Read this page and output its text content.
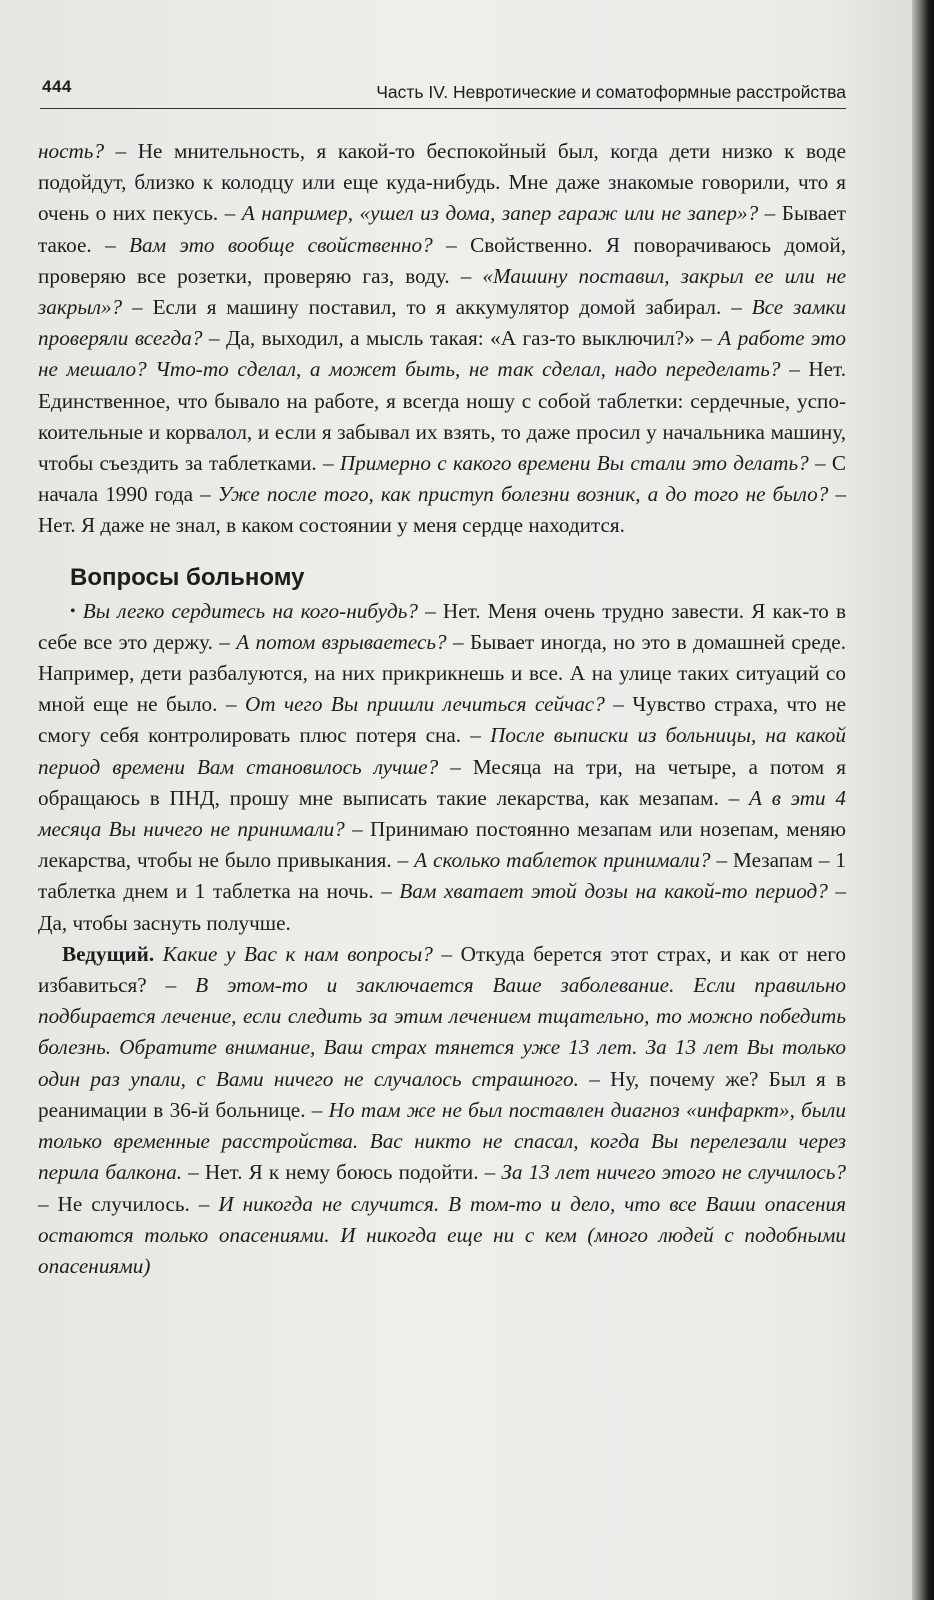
444	Часть IV. Невротические и соматоформные расстройства

ность? – Не мнительность, я какой-то беспокойный был, когда дети низко к воде подойдут, близко к колодцу или еще куда-нибудь. Мне даже знакомые говорили, что я очень о них пекусь. – А например, «ушел из дома, запер гараж или не запер»? – Бывает такое. – Вам это вообще свойственно? – Свойственно. Я поворачиваюсь домой, проверяю все розетки, проверяю газ, воду. – «Машину поставил, закрыл ее или не закрыл»? – Если я машину поставил, то я аккумулятор домой забирал. – Все замки проверяли всегда? – Да, выходил, а мысль такая: «А газ-то выключил?» – А работе это не мешало? Что-то сделал, а может быть, не так сделал, надо переделать? – Нет. Единственное, что бывало на работе, я всегда ношу с собой таблетки: сердечные, успокоительные и корвалол, и если я забывал их взять, то даже просил у начальника машину, чтобы съездить за таблетками. – Примерно с какого времени Вы стали это делать? – С начала 1990 года – Уже после того, как приступ болезни возник, а до того не было? – Нет. Я даже не знал, в каком состоянии у меня сердце находится.

Вопросы больному

• Вы легко сердитесь на кого-нибудь? – Нет. Меня очень трудно завести. Я как-то в себе все это держу. – А потом взрываетесь? – Бывает иногда, но это в домашней среде. Например, дети разбалуются, на них прикрикнешь и все. А на улице таких ситуаций со мной еще не было. – От чего Вы пришли лечиться сейчас? – Чувство страха, что не смогу себя контролировать плюс потеря сна. – После выписки из больницы, на какой период времени Вам становилось лучше? – Месяца на три, на четыре, а потом я обращаюсь в ПНД, прошу мне выписать такие лекарства, как мезапам. – А в эти 4 месяца Вы ничего не принимали? – Принимаю постоянно мезапам или нозепам, меняю лекарства, чтобы не было привыкания. – А сколько таблеток принимали? – Мезапам – 1 таблетка днем и 1 таблетка на ночь. – Вам хватает этой дозы на какой-то период? – Да, чтобы заснуть получше.

Ведущий. Какие у Вас к нам вопросы? – Откуда берется этот страх, и как от него избавиться? – В этом-то и заключается Ваше заболевание. Если правильно подбирается лечение, если следить за этим лечением тщательно, то можно победить болезнь. Обратите внимание, Ваш страх тянется уже 13 лет. За 13 лет Вы только один раз упали, с Вами ничего не случалось страшного. – Ну, почему же? Был я в реанимации в 36-й больнице. – Но там же не был поставлен диагноз «инфаркт», были только временные расстройства. Вас никто не спасал, когда Вы перелезали через перила балкона. – Нет. Я к нему боюсь подойти. – За 13 лет ничего этого не случилось? – Не случилось. – И никогда не случится. В том-то и дело, что все Ваши опасения остаются только опасениями. И никогда еще ни с кем (много людей с подобными опасениями)
